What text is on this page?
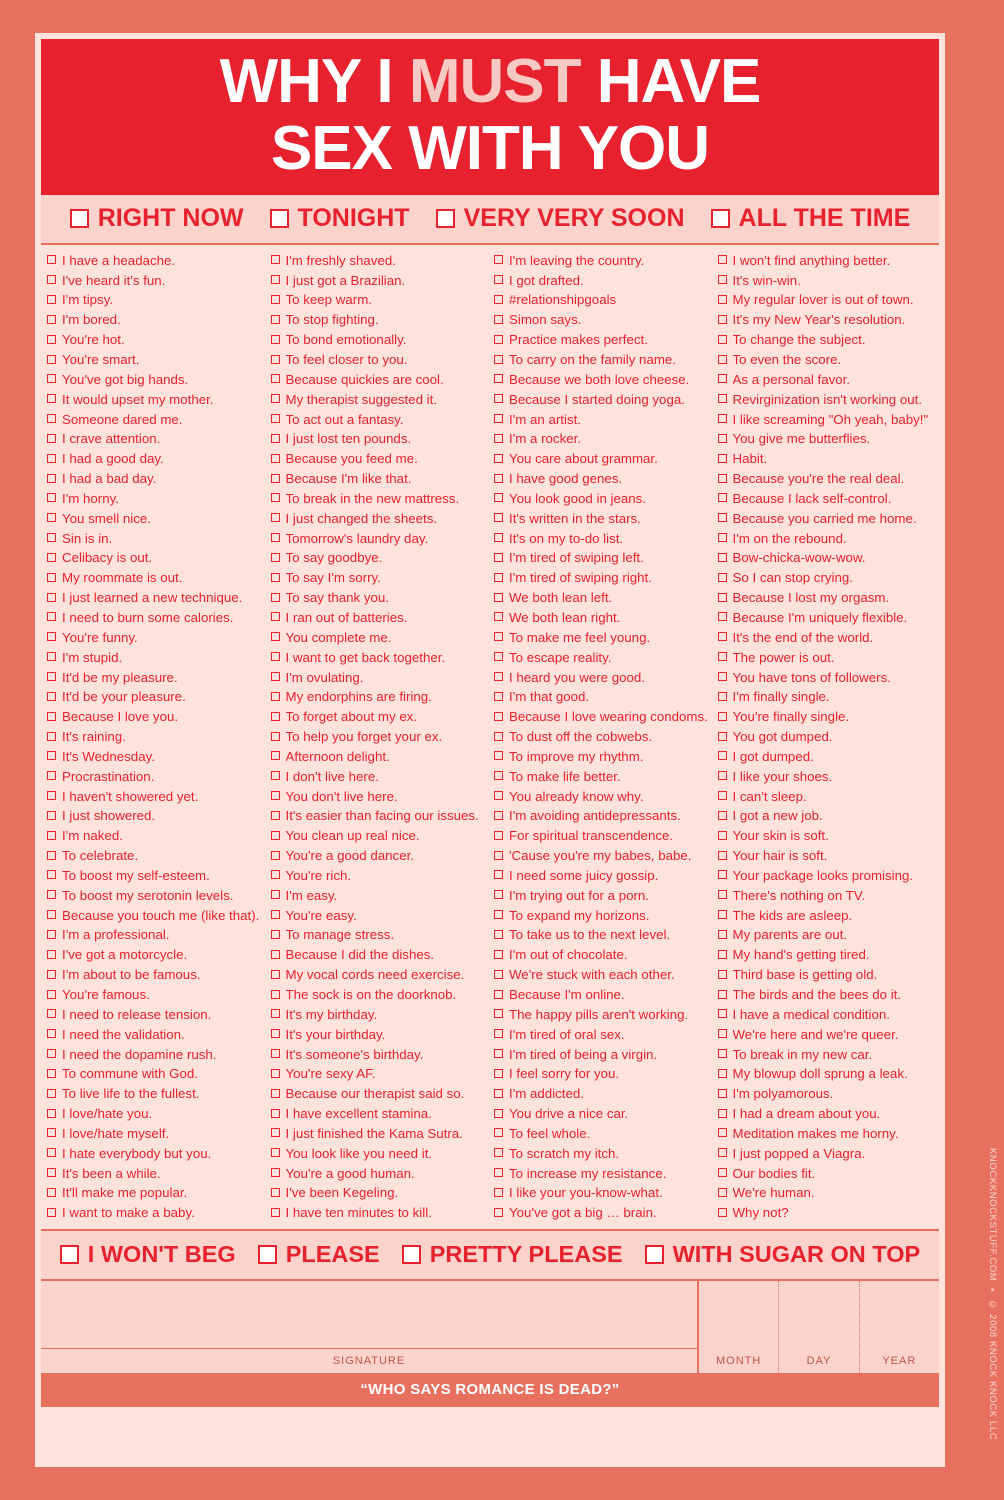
WHY I MUST HAVE
SEX WITH YOU
RIGHT NOW TONIGHT VERY VERY SOON ALL THE TIME
I have a headache.
I've heard it's fun.
I'm tipsy.
I'm bored.
You're hot.
You're smart.
You've got big hands.
It would upset my mother.
Someone dared me.
I crave attention.
I had a good day.
I had a bad day.
I'm horny.
You smell nice.
Sin is in.
Celibacy is out.
My roommate is out.
I just learned a new technique.
I need to burn some calories.
You're funny.
I'm stupid.
It'd be my pleasure.
It'd be your pleasure.
Because I love you.
It's raining.
It's Wednesday.
Procrastination.
I haven't showered yet.
I just showered.
I'm naked.
To celebrate.
To boost my self-esteem.
To boost my serotonin levels.
Because you touch me (like that).
I'm a professional.
I've got a motorcycle.
I'm about to be famous.
You're famous.
I need to release tension.
I need the validation.
I need the dopamine rush.
To commune with God.
To live life to the fullest.
I love/hate you.
I love/hate myself.
I hate everybody but you.
It's been a while.
It'll make me popular.
I want to make a baby.
I'm freshly shaved.
I just got a Brazilian.
To keep warm.
To stop fighting.
To bond emotionally.
To feel closer to you.
Because quickies are cool.
My therapist suggested it.
To act out a fantasy.
I just lost ten pounds.
Because you feed me.
Because I'm like that.
To break in the new mattress.
I just changed the sheets.
Tomorrow's laundry day.
To say goodbye.
To say I'm sorry.
To say thank you.
I ran out of batteries.
You complete me.
I want to get back together.
I'm ovulating.
My endorphins are firing.
To forget about my ex.
To help you forget your ex.
Afternoon delight.
I don't live here.
You don't live here.
It's easier than facing our issues.
You clean up real nice.
You're a good dancer.
You're rich.
I'm easy.
You're easy.
To manage stress.
Because I did the dishes.
My vocal cords need exercise.
The sock is on the doorknob.
It's my birthday.
It's your birthday.
It's someone's birthday.
You're sexy AF.
Because our therapist said so.
I have excellent stamina.
I just finished the Kama Sutra.
You look like you need it.
You're a good human.
I've been Kegeling.
I have ten minutes to kill.
I'm leaving the country.
I got drafted.
#relationshipgoals
Simon says.
Practice makes perfect.
To carry on the family name.
Because we both love cheese.
Because I started doing yoga.
I'm an artist.
I'm a rocker.
You care about grammar.
I have good genes.
You look good in jeans.
It's written in the stars.
It's on my to-do list.
I'm tired of swiping left.
I'm tired of swiping right.
We both lean left.
We both lean right.
To make me feel young.
To escape reality.
I heard you were good.
I'm that good.
Because I love wearing condoms.
To dust off the cobwebs.
To improve my rhythm.
To make life better.
You already know why.
I'm avoiding antidepressants.
For spiritual transcendence.
'Cause you're my babes, babe.
I need some juicy gossip.
I'm trying out for a porn.
To expand my horizons.
To take us to the next level.
I'm out of chocolate.
We're stuck with each other.
Because I'm online.
The happy pills aren't working.
I'm tired of oral sex.
I'm tired of being a virgin.
I feel sorry for you.
I'm addicted.
You drive a nice car.
To feel whole.
To scratch my itch.
To increase my resistance.
I like your you-know-what.
You've got a big … brain.
I won't find anything better.
It's win-win.
My regular lover is out of town.
It's my New Year's resolution.
To change the subject.
To even the score.
As a personal favor.
Revirginization isn't working out.
I like screaming "Oh yeah, baby!"
You give me butterflies.
Habit.
Because you're the real deal.
Because I lack self-control.
Because you carried me home.
I'm on the rebound.
Bow-chicka-wow-wow.
So I can stop crying.
Because I lost my orgasm.
Because I'm uniquely flexible.
It's the end of the world.
The power is out.
You have tons of followers.
I'm finally single.
You're finally single.
You got dumped.
I got dumped.
I like your shoes.
I can't sleep.
I got a new job.
Your skin is soft.
Your hair is soft.
Your package looks promising.
There's nothing on TV.
The kids are asleep.
My parents are out.
My hand's getting tired.
Third base is getting old.
The birds and the bees do it.
I have a medical condition.
We're here and we're queer.
To break in my new car.
My blowup doll sprung a leak.
I'm polyamorous.
I had a dream about you.
Meditation makes me horny.
I just popped a Viagra.
Our bodies fit.
We're human.
Why not?
I WON'T BEG PLEASE PRETTY PLEASE WITH SUGAR ON TOP
SIGNATURE	MONTH	DAY	YEAR
“WHO SAYS ROMANCE IS DEAD?”	KNOCKKNOCKSTUFF.COM ▪ © 2008 KNOCK KNOCK LLC
